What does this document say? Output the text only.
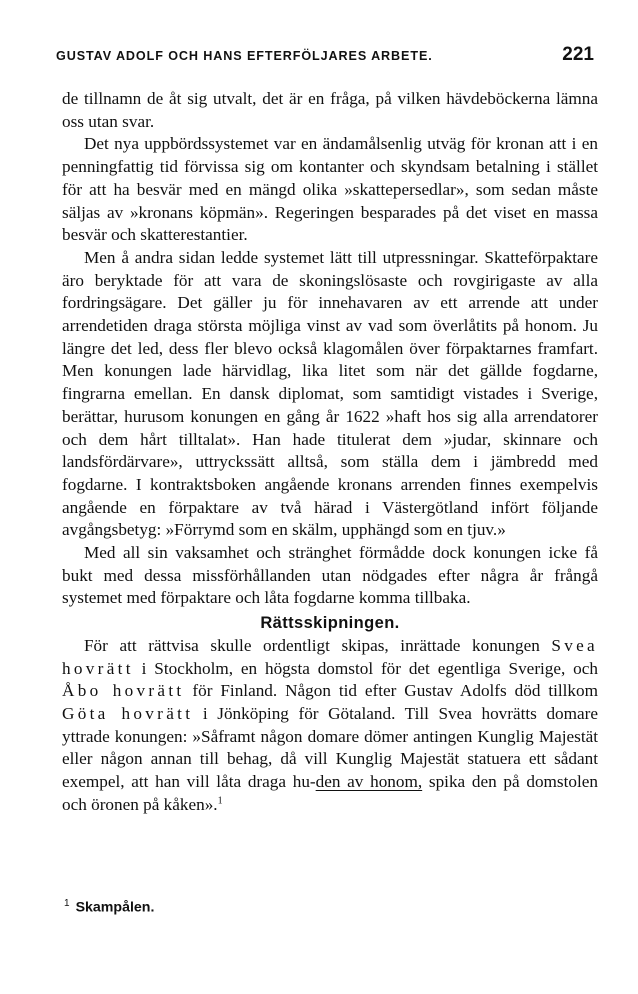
GUSTAV ADOLF OCH HANS EFTERFÖLJARES ARBETE.	221

de tillnamn de åt sig utvalt, det är en fråga, på vilken hävdeböckerna lämna oss utan svar.

Det nya uppbördssystemet var en ändamålsenlig utväg för kronan att i en penningfattig tid förvissa sig om kontanter och skyndsam betalning i stället för att ha besvär med en mängd olika »skattepersedlar», som sedan måste säljas av »kronans köpmän». Regeringen besparades på det viset en massa besvär och skatterestantier.

Men å andra sidan ledde systemet lätt till utpressningar. Skatteförpaktare äro beryktade för att vara de skoningslösaste och rovgirigaste av alla fordringsägare. Det gäller ju för innehavaren av ett arrende att under arrendetiden draga största möjliga vinst av vad som överlåtits på honom. Ju längre det led, dess fler blevo också klagomålen över förpaktarnes framfart. Men konungen lade härvidlag, lika litet som när det gällde fogdarne, fingrarna emellan. En dansk diplomat, som samtidigt vistades i Sverige, berättar, hurusom konungen en gång år 1622 »haft hos sig alla arrendatorer och dem hårt tilltalat». Han hade titulerat dem »judar, skinnare och landsfördärvare», uttryckssätt alltså, som ställa dem i jämbredd med fogdarne. I kontraktsboken angående kronans arrenden finnes exempelvis angående en förpaktare av två härad i Västergötland infört följande avgångsbetyg: »Förrymd som en skälm, upphängd som en tjuv.»

Med all sin vaksamhet och stränghet förmådde dock konungen icke få bukt med dessa missförhållanden utan nödgades efter några år frångå systemet med förpaktare och låta fogdarne komma tillbaka.

Rättsskipningen.

För att rättvisa skulle ordentligt skipas, inrättade konungen Svea hovrätt i Stockholm, en högsta domstol för det egentliga Sverige, och Åbo hovrätt för Finland. Någon tid efter Gustav Adolfs död tillkom Göta hovrätt i Jönköping för Götaland. Till Svea hovrätts domare yttrade konungen: »Såframt någon domare dömer antingen Kunglig Majestät eller någon annan till behag, då vill Kunglig Majestät statuera ett sådant exempel, att han vill låta draga hu-den av honom, spika den på domstolen och öronen på kåken».$^1$

$^1$ Skampålen.
